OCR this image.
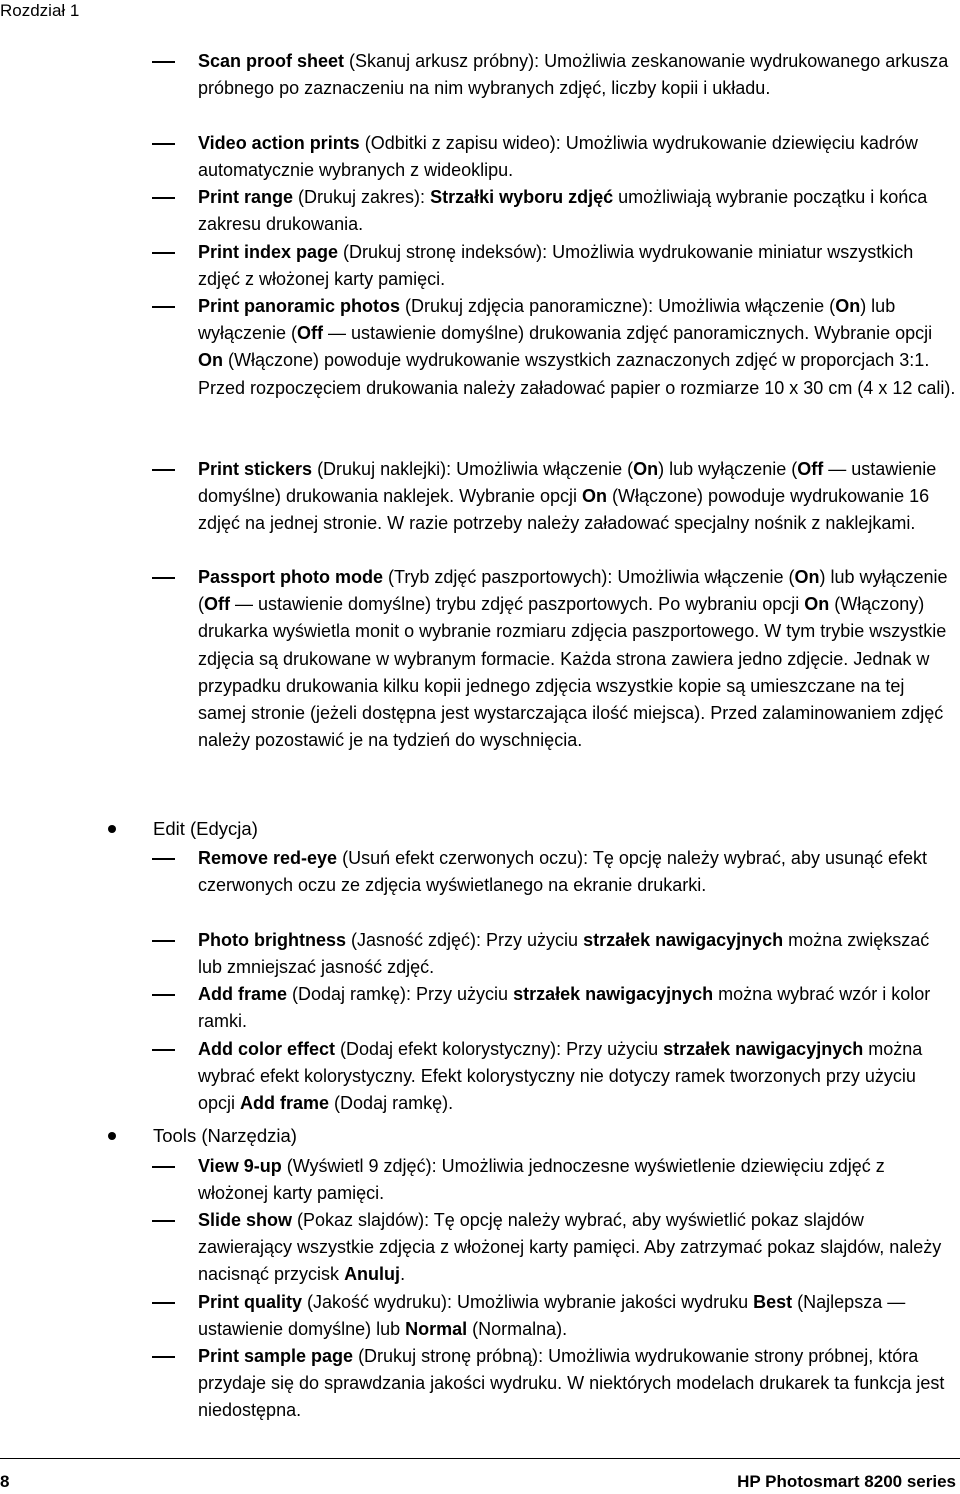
Rozdział 1
Scan proof sheet (Skanuj arkusz próbny): Umożliwia zeskanowanie wydrukowanego arkusza próbnego po zaznaczeniu na nim wybranych zdjęć, liczby kopii i układu.
Video action prints (Odbitki z zapisu wideo): Umożliwia wydrukowanie dziewięciu kadrów automatycznie wybranych z wideoklipu.
Print range (Drukuj zakres): Strzałki wyboru zdjęć umożliwiają wybranie początku i końca zakresu drukowania.
Print index page (Drukuj stronę indeksów): Umożliwia wydrukowanie miniatur wszystkich zdjęć z włożonej karty pamięci.
Print panoramic photos (Drukuj zdjęcia panoramiczne): Umożliwia włączenie (On) lub wyłączenie (Off — ustawienie domyślne) drukowania zdjęć panoramicznych. Wybranie opcji On (Włączone) powoduje wydrukowanie wszystkich zaznaczonych zdjęć w proporcjach 3:1. Przed rozpoczęciem drukowania należy załadować papier o rozmiarze 10 x 30 cm (4 x 12 cali).
Print stickers (Drukuj naklejki): Umożliwia włączenie (On) lub wyłączenie (Off — ustawienie domyślne) drukowania naklejek. Wybranie opcji On (Włączone) powoduje wydrukowanie 16 zdjęć na jednej stronie. W razie potrzeby należy załadować specjalny nośnik z naklejkami.
Passport photo mode (Tryb zdjęć paszportowych): Umożliwia włączenie (On) lub wyłączenie (Off — ustawienie domyślne) trybu zdjęć paszportowych. Po wybraniu opcji On (Włączony) drukarka wyświetla monit o wybranie rozmiaru zdjęcia paszportowego. W tym trybie wszystkie zdjęcia są drukowane w wybranym formacie. Każda strona zawiera jedno zdjęcie. Jednak w przypadku drukowania kilku kopii jednego zdjęcia wszystkie kopie są umieszczane na tej samej stronie (jeżeli dostępna jest wystarczająca ilość miejsca). Przed zalaminowaniem zdjęć należy pozostawić je na tydzień do wyschnięcia.
Edit (Edycja)
Remove red-eye (Usuń efekt czerwonych oczu): Tę opcję należy wybrać, aby usunąć efekt czerwonych oczu ze zdjęcia wyświetlanego na ekranie drukarki.
Photo brightness (Jasność zdjęć): Przy użyciu strzałek nawigacyjnych można zwiększać lub zmniejszać jasność zdjęć.
Add frame (Dodaj ramkę): Przy użyciu strzałek nawigacyjnych można wybrać wzór i kolor ramki.
Add color effect (Dodaj efekt kolorystyczny): Przy użyciu strzałek nawigacyjnych można wybrać efekt kolorystyczny. Efekt kolorystyczny nie dotyczy ramek tworzonych przy użyciu opcji Add frame (Dodaj ramkę).
Tools (Narzędzia)
View 9-up (Wyświetl 9 zdjęć): Umożliwia jednoczesne wyświetlenie dziewięciu zdjęć z włożonej karty pamięci.
Slide show (Pokaz slajdów): Tę opcję należy wybrać, aby wyświetlić pokaz slajdów zawierający wszystkie zdjęcia z włożonej karty pamięci. Aby zatrzymać pokaz slajdów, należy nacisnąć przycisk Anuluj.
Print quality (Jakość wydruku): Umożliwia wybranie jakości wydruku Best (Najlepsza — ustawienie domyślne) lub Normal (Normalna).
Print sample page (Drukuj stronę próbną): Umożliwia wydrukowanie strony próbnej, która przydaje się do sprawdzania jakości wydruku. W niektórych modelach drukarek ta funkcja jest niedostępna.
8	HP Photosmart 8200 series
